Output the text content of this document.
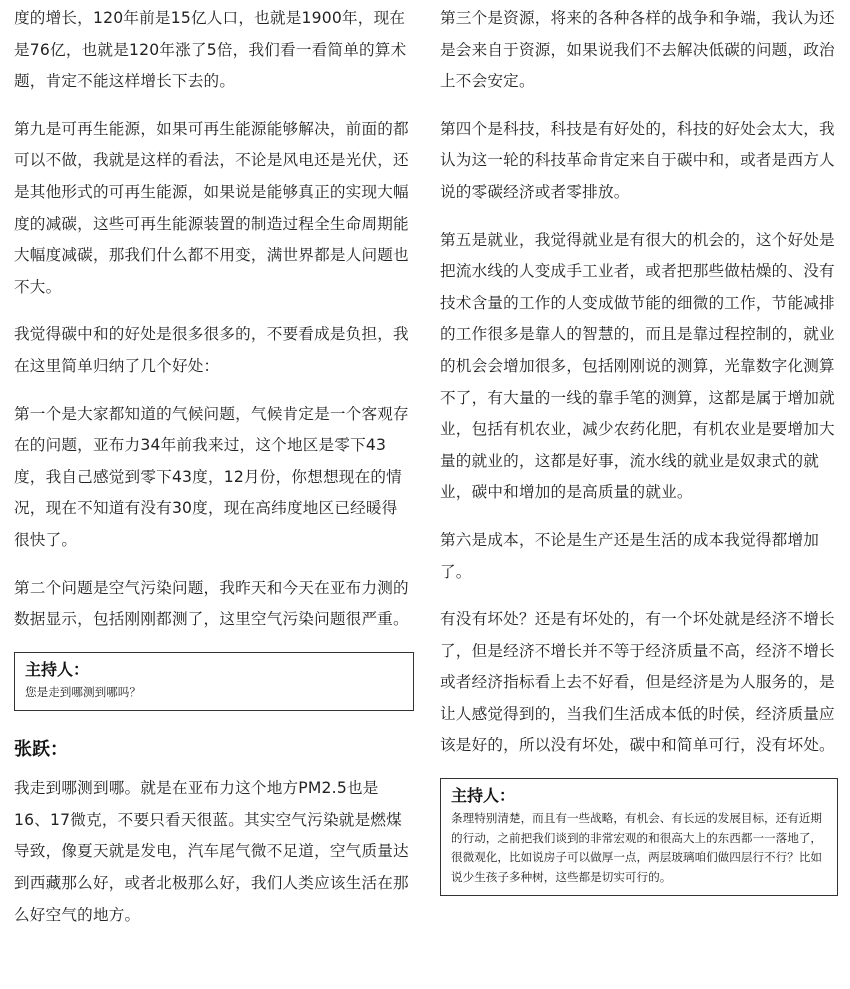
度的增长，120年前是15亿人口，也就是1900年，现在是76亿，也就是120年涨了5倍，我们看一看简单的算术题，肯定不能这样增长下去的。

第九是可再生能源，如果可再生能源能够解决，前面的都可以不做，我就是这样的看法，不论是风电还是光伏，还是其他形式的可再生能源，如果说是能够真正的实现大幅度的减碳，这些可再生能源装置的制造过程全生命周期能大幅度减碳，那我们什么都不用变，满世界都是人问题也不大。

我觉得碳中和的好处是很多很多的，不要看成是负担，我在这里简单归纳了几个好处：

第一个是大家都知道的气候问题，气候肯定是一个客观存在的问题，亚布力34年前我来过，这个地区是零下43度，我自己感觉到零下43度，12月份，你想想现在的情况，现在不知道有没有30度，现在高纬度地区已经暖得很快了。

第二个问题是空气污染问题，我昨天和今天在亚布力测的数据显示，包括刚刚都测了，这里空气污染问题很严重。

主持人：
您是走到哪测到哪吗？
张跃：

我走到哪测到哪。就是在亚布力这个地方PM2.5也是16、17微克，不要只看天很蓝。其实空气污染就是燃煤导致，像夏天就是发电，汽车尾气微不足道，空气质量达到西藏那么好，或者北极那么好，我们人类应该生活在那么好空气的地方。

第三个是资源，将来的各种各样的战争和争端，我认为还是会来自于资源，如果说我们不去解决低碳的问题，政治上不会安定。

第四个是科技，科技是有好处的，科技的好处会太大，我认为这一轮的科技革命肯定来自于碳中和，或者是西方人说的零碳经济或者零排放。

第五是就业，我觉得就业是有很大的机会的，这个好处是把流水线的人变成手工业者，或者把那些做枯燥的、没有技术含量的工作的人变成做节能的细微的工作，节能减排的工作很多是靠人的智慧的，而且是靠过程控制的，就业的机会会增加很多，包括刚刚说的测算，光靠数字化测算不了，有大量的一线的靠手笔的测算，这都是属于增加就业，包括有机农业，减少农药化肥，有机农业是要增加大量的就业的，这都是好事，流水线的就业是奴隶式的就业，碳中和增加的是高质量的就业。

第六是成本，不论是生产还是生活的成本我觉得都增加了。

有没有坏处？还是有坏处的，有一个坏处就是经济不增长了，但是经济不增长并不等于经济质量不高，经济不增长或者经济指标看上去不好看，但是经济是为人服务的，是让人感觉得到的，当我们生活成本低的时侯，经济质量应该是好的，所以没有坏处，碳中和简单可行，没有坏处。

主持人：
条理特别清楚，而且有一些战略，有机会、有长远的发展目标，还有近期的行动，之前把我们谈到的非常宏观的和很高大上的东西都一一落地了，很微观化，比如说房子可以做厚一点，两层玻璃咱们做四层行不行？比如说少生孩子多种树，这些都是切实可行的。
